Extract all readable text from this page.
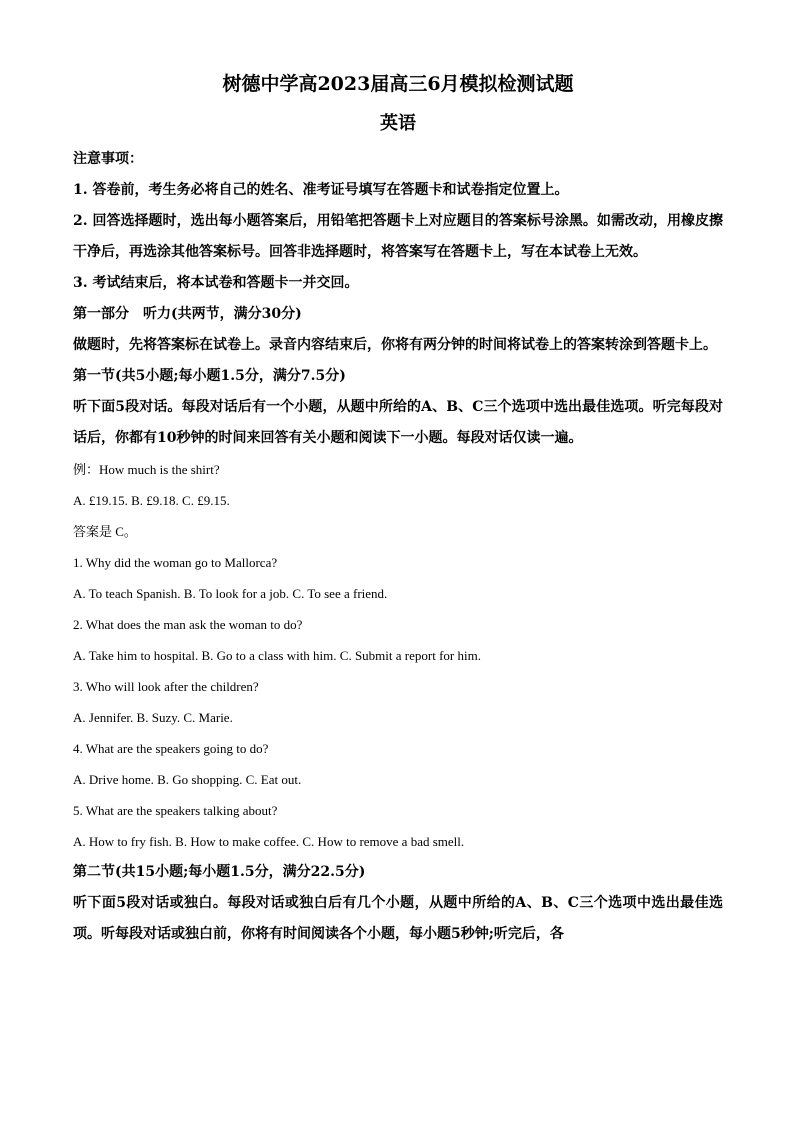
树德中学高2023届高三6月模拟检测试题

英语

注意事项：

1. 答卷前，考生务必将自己的姓名、准考证号填写在答题卡和试卷指定位置上。

2. 回答选择题时，选出每小题答案后，用铅笔把答题卡上对应题目的答案标号涂黑。如需改动，用橡皮擦干净后，再选涂其他答案标号。回答非选择题时，将答案写在答题卡上，写在本试卷上无效。

3. 考试结束后，将本试卷和答题卡一并交回。

第一部分　听力(共两节，满分30分)

做题时，先将答案标在试卷上。录音内容结束后，你将有两分钟的时间将试卷上的答案转涂到答题卡上。

第一节(共5小题;每小题1.5分，满分7.5分)

听下面5段对话。每段对话后有一个小题，从题中所给的A、B、C三个选项中选出最佳选项。听完每段对话后，你都有10秒钟的时间来回答有关小题和阅读下一小题。每段对话仅读一遍。

例：How much is the shirt?

A. £19.15. B. £9.18. C. £9.15.

答案是 C。

1. Why did the woman go to Mallorca?

A. To teach Spanish. B. To look for a job. C. To see a friend.

2. What does the man ask the woman to do?

A. Take him to hospital. B. Go to a class with him. C. Submit a report for him.

3. Who will look after the children?

A. Jennifer. B. Suzy. C. Marie.

4. What are the speakers going to do?

A. Drive home. B. Go shopping. C. Eat out.

5. What are the speakers talking about?

A. How to fry fish. B. How to make coffee. C. How to remove a bad smell.

第二节(共15小题;每小题1.5分，满分22.5分)

听下面5段对话或独白。每段对话或独白后有几个小题，从题中所给的A、B、C三个选项中选出最佳选项。听每段对话或独白前，你将有时间阅读各个小题，每小题5秒钟;听完后，各
